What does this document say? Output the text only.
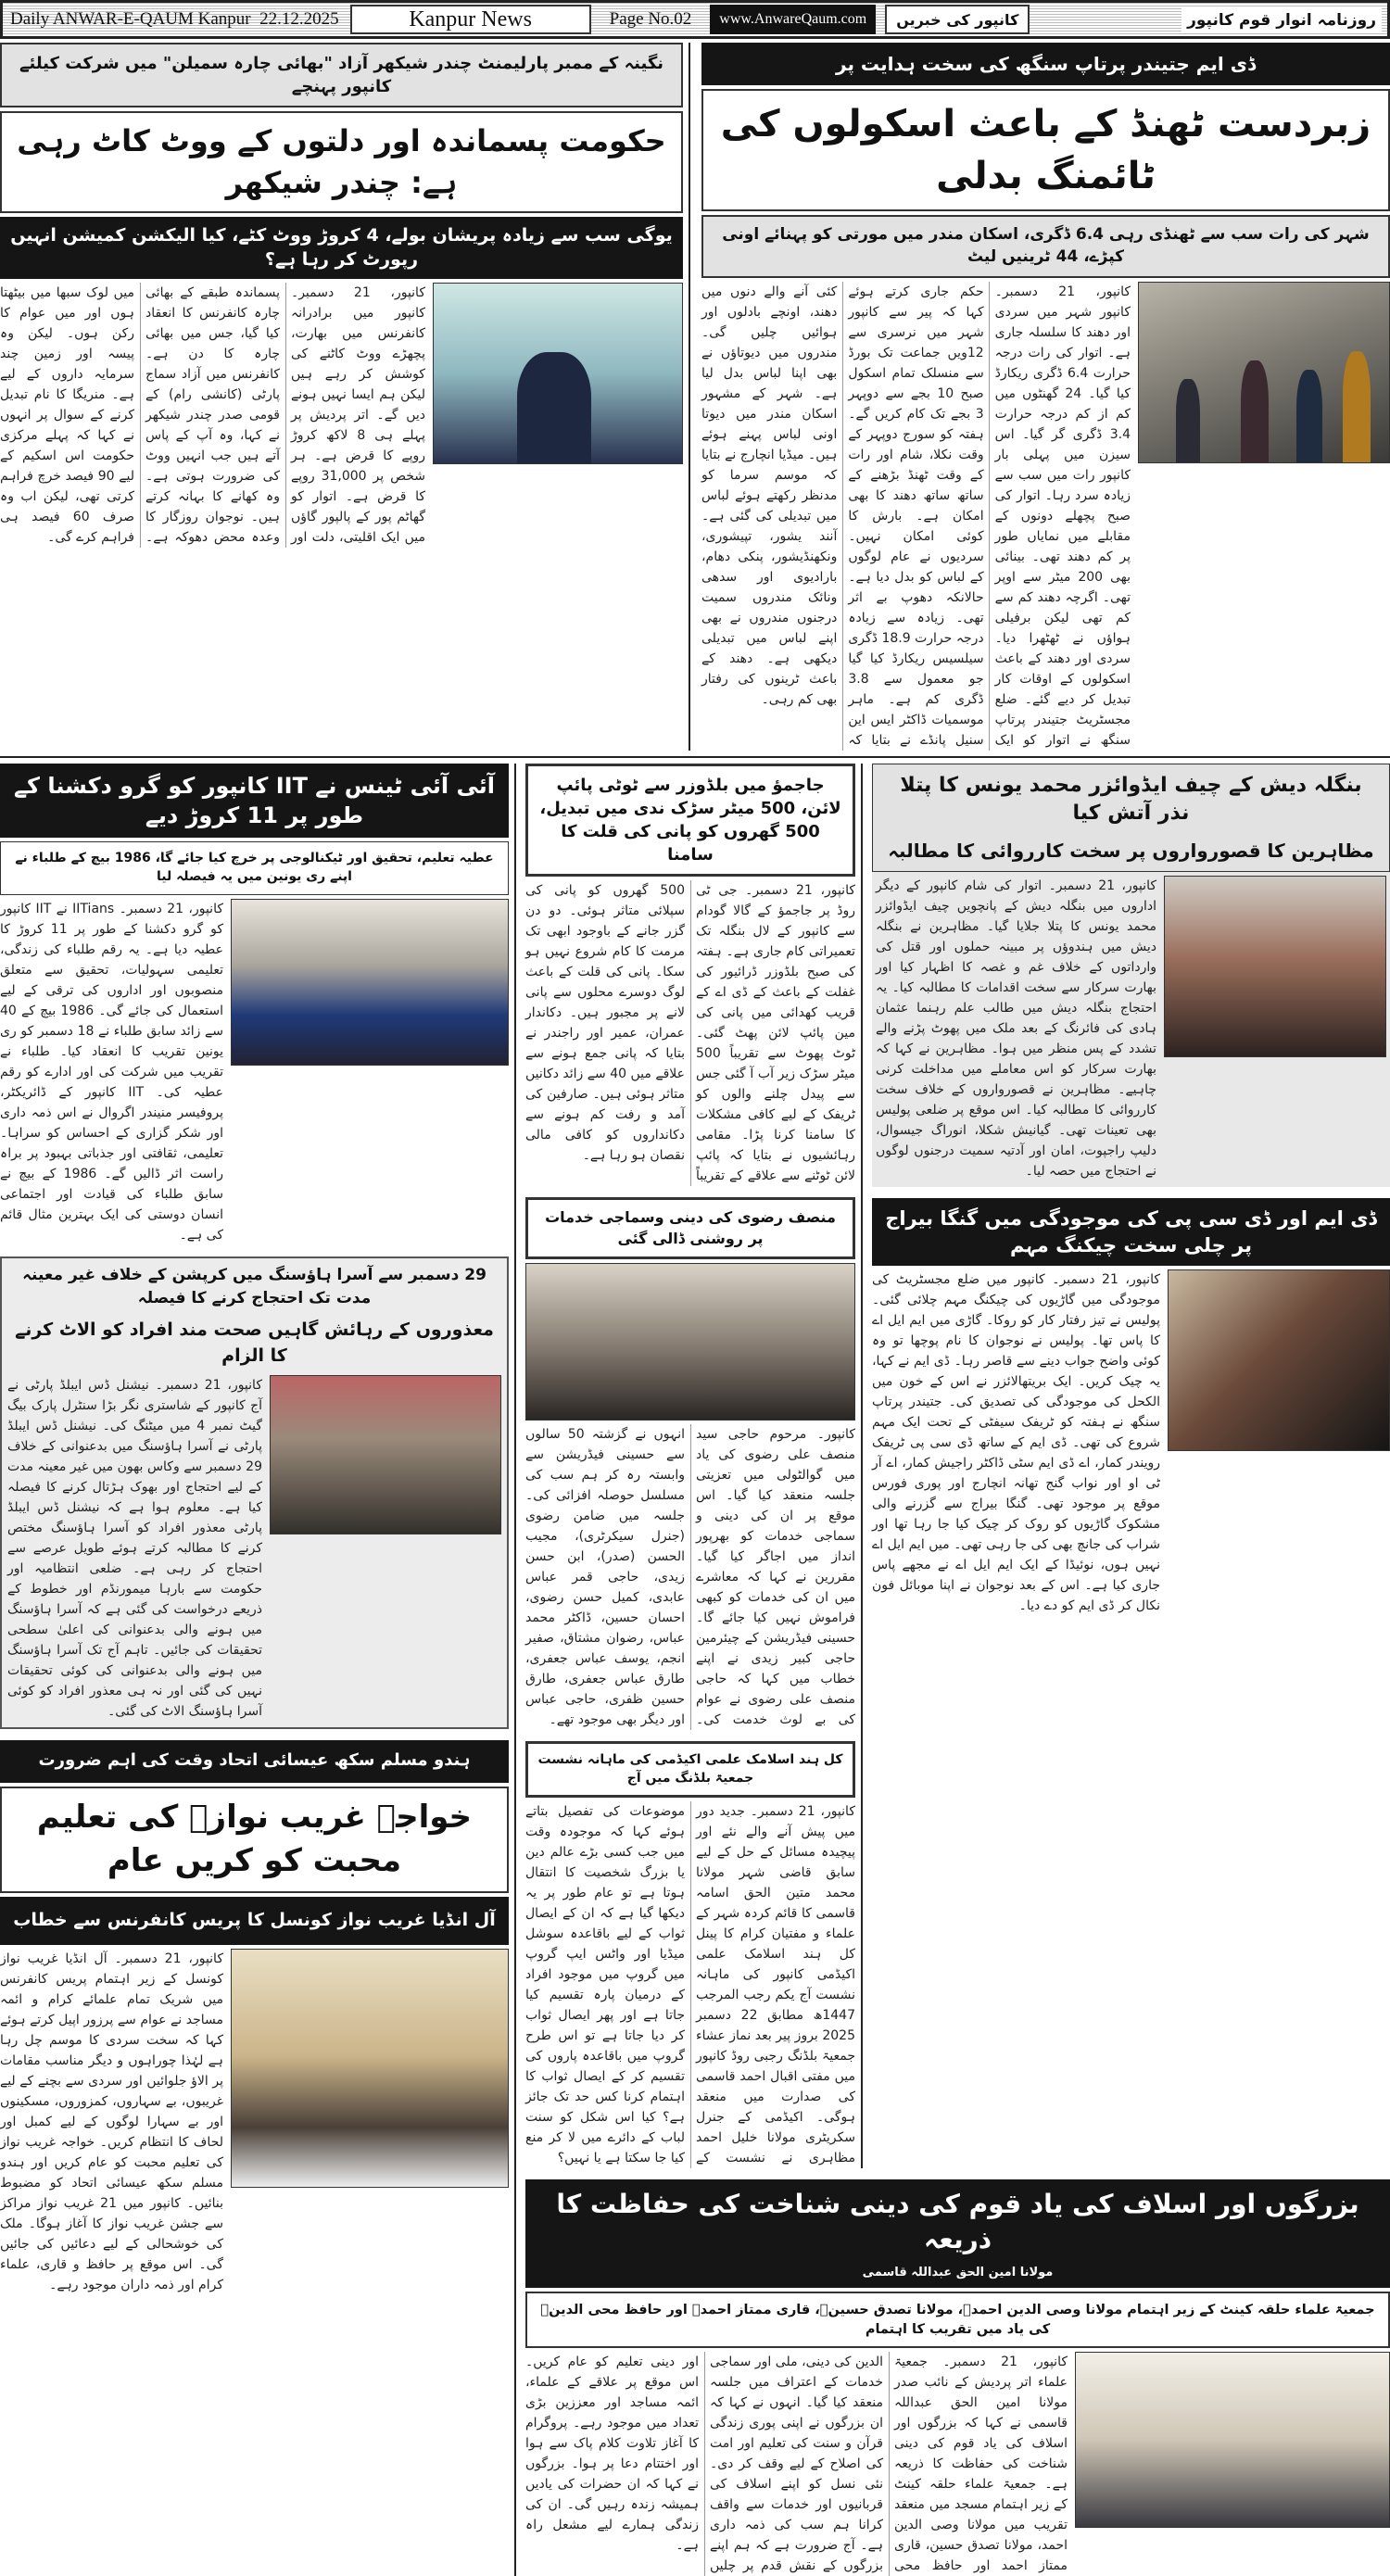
Daily ANWAR-E-QAUM Kanpur
22.12.2025	Kanpur News	Page No.02	www.AnwareQaum.com	کانپور کی خبریں	روزنامہ انوار قوم کانپور
نگینہ کے ممبر پارلیمنٹ چندر شیکھر آزاد "بھائی چارہ سمیلن" میں شرکت کیلئے کانپور پہنچے
حکومت پسماندہ اور دلتوں کے ووٹ کاٹ رہی ہے: چندر شیکھر
یوگی سب سے زیادہ پریشان بولے، 4 کروڑ ووٹ کٹے، کیا الیکشن کمیشن انہیں رپورٹ کر رہا ہے؟
کانپور، 21 دسمبر۔ کانپور میں برادرانہ کانفرنس میں بھارت، پچھڑے ووٹ کاٹنے کی کوشش کر رہے ہیں لیکن ہم ایسا نہیں ہونے دیں گے۔ اتر پردیش پر پہلے ہی 8 لاکھ کروڑ روپے کا قرض ہے۔ ہر شخص پر 31,000 روپے کا قرض ہے۔ اتوار کو گھاٹم پور کے پالپور گاؤں میں ایک اقلیتی، دلت اور پسماندہ طبقے کے بھائی چارہ کانفرنس کا انعقاد کیا گیا، جس میں بھائی چارہ کا دن ہے۔ کانفرنس میں آزاد سماج پارٹی (کانشی رام) کے قومی صدر چندر شیکھر نے کہا، وہ آپ کے پاس آتے ہیں جب انہیں ووٹ کی ضرورت ہوتی ہے۔ وہ کھانے کا بہانہ کرتے ہیں۔ نوجوان روزگار کا وعدہ محض دھوکہ ہے۔ میں لوک سبھا میں بیٹھتا ہوں اور میں عوام کا رکن ہوں۔ لیکن وہ پیسہ اور زمین چند سرمایہ داروں کے لیے ہے۔ منریگا کا نام تبدیل کرنے کے سوال پر انہوں نے کہا کہ پہلے مرکزی حکومت اس اسکیم کے لیے 90 فیصد خرچ فراہم کرتی تھی، لیکن اب وہ صرف 60 فیصد ہی فراہم کرے گی۔
ڈی ایم جتیندر پرتاپ سنگھ کی سخت ہدایت پر
زبردست ٹھنڈ کے باعث اسکولوں کی ٹائمنگ بدلی
شہر کی رات سب سے ٹھنڈی رہی 6.4 ڈگری، اسکان مندر میں مورتی کو پہنائے اونی کپڑے، 44 ٹرینیں لیٹ
کانپور، 21 دسمبر۔ کانپور شہر میں سردی اور دھند کا سلسلہ جاری ہے۔ اتوار کی رات درجہ حرارت 6.4 ڈگری ریکارڈ کیا گیا۔ 24 گھنٹوں میں کم از کم درجہ حرارت 3.4 ڈگری گر گیا۔ اس سیزن میں پہلی بار کانپور رات میں سب سے زیادہ سرد رہا۔ اتوار کی صبح پچھلے دونوں کے مقابلے میں نمایاں طور پر کم دھند تھی۔ بینائی بھی 200 میٹر سے اوپر تھی۔ اگرچہ دھند کم سے کم تھی لیکن برفیلی ہواؤں نے ٹھٹھرا دیا۔ سردی اور دھند کے باعث اسکولوں کے اوقات کار تبدیل کر دیے گئے۔ ضلع مجسٹریٹ جتیندر پرتاپ سنگھ نے اتوار کو ایک حکم جاری کرتے ہوئے کہا کہ پیر سے کانپور شہر میں نرسری سے 12ویں جماعت تک بورڈ سے منسلک تمام اسکول صبح 10 بجے سے دوپہر 3 بجے تک کام کریں گے۔ ہفتہ کو سورج دوپہر کے وقت نکلا، شام اور رات کے وقت ٹھنڈ بڑھنے کے ساتھ ساتھ دھند کا بھی امکان ہے۔ بارش کا کوئی امکان نہیں۔ سردیوں نے عام لوگوں کے لباس کو بدل دیا ہے۔ حالانکہ دھوپ بے اثر تھی۔ زیادہ سے زیادہ درجہ حرارت 18.9 ڈگری سیلسیس ریکارڈ کیا گیا جو معمول سے 3.8 ڈگری کم ہے۔ ماہر موسمیات ڈاکٹر ایس این سنیل پانڈے نے بتایا کہ کئی آنے والے دنوں میں دھند، اونچے بادلوں اور ہوائیں چلیں گی۔ مندروں میں دیوتاؤں نے بھی اپنا لباس بدل لیا ہے۔ شہر کے مشہور اسکان مندر میں دیوتا اونی لباس پہنے ہوئے ہیں۔ میڈیا انچارج نے بتایا کہ موسم سرما کو مدنظر رکھتے ہوئے لباس میں تبدیلی کی گئی ہے۔ آنند یشور، تپیشوری، ونکھنڈیشور، پنکی دھام، بارادیوی اور سدھی ونائک مندروں سمیت درجنوں مندروں نے بھی اپنے لباس میں تبدیلی دیکھی ہے۔ دھند کے باعث ٹرینوں کی رفتار بھی کم رہی۔
آئی آئی ٹینس نے IIT کانپور کو گرو دکشنا کے طور پر 11 کروڑ دیے
عطیہ تعلیم، تحقیق اور ٹیکنالوجی پر خرچ کیا جائے گا، 1986 بیچ کے طلباء نے اپنے ری یونین میں یہ فیصلہ لیا
کانپور، 21 دسمبر۔ IITians نے IIT کانپور کو گرو دکشنا کے طور پر 11 کروڑ کا عطیہ دیا ہے۔ یہ رقم طلباء کی زندگی، تعلیمی سہولیات، تحقیق سے متعلق منصوبوں اور اداروں کی ترقی کے لیے استعمال کی جائے گی۔ 1986 بیچ کے 40 سے زائد سابق طلباء نے 18 دسمبر کو ری یونین تقریب کا انعقاد کیا۔ طلباء نے تقریب میں شرکت کی اور ادارے کو رقم عطیہ کی۔ IIT کانپور کے ڈائریکٹر، پروفیسر منیندر اگروال نے اس ذمہ داری اور شکر گزاری کے احساس کو سراہا۔ تعلیمی، ثقافتی اور جذباتی بہبود پر براہ راست اثر ڈالیں گے۔ 1986 کے بیچ نے سابق طلباء کی قیادت اور اجتماعی انسان دوستی کی ایک بہترین مثال قائم کی ہے۔
29 دسمبر سے آسرا ہاؤسنگ میں کرپشن کے خلاف غیر معینہ مدت تک احتجاج کرنے کا فیصلہ
معذوروں کے رہائش گاہیں صحت مند افراد کو الاٹ کرنے کا الزام
کانپور، 21 دسمبر۔ نیشنل ڈس ایبلڈ پارٹی نے آج کانپور کے شاستری نگر بڑا سنٹرل پارک بیگ گیٹ نمبر 4 میں میٹنگ کی۔ نیشنل ڈس ایبلڈ پارٹی نے آسرا ہاؤسنگ میں بدعنوانی کے خلاف 29 دسمبر سے وکاس بھون میں غیر معینہ مدت کے لیے احتجاج اور بھوک ہڑتال کرنے کا فیصلہ کیا ہے۔ معلوم ہوا ہے کہ نیشنل ڈس ایبلڈ پارٹی معذور افراد کو آسرا ہاؤسنگ مختص کرنے کا مطالبہ کرتے ہوئے طویل عرصے سے احتجاج کر رہی ہے۔ ضلعی انتظامیہ اور حکومت سے بارہا میمورنڈم اور خطوط کے ذریعے درخواست کی گئی ہے کہ آسرا ہاؤسنگ میں ہونے والی بدعنوانی کی اعلیٰ سطحی تحقیقات کی جائیں۔ تاہم آج تک آسرا ہاؤسنگ میں ہونے والی بدعنوانی کی کوئی تحقیقات نہیں کی گئی اور نہ ہی معذور افراد کو کوئی آسرا ہاؤسنگ الاٹ کی گئی۔
ہندو مسلم سکھ عیسائی اتحاد وقت کی اہم ضرورت
خواجہ غریب نوازؒ کی تعلیم محبت کو کریں عام
آل انڈیا غریب نواز کونسل کا پریس کانفرنس سے خطاب
کانپور، 21 دسمبر۔ آل انڈیا غریب نواز کونسل کے زیر اہتمام پریس کانفرنس میں شریک تمام علمائے کرام و ائمہ مساجد نے عوام سے پرزور اپیل کرتے ہوئے کہا کہ سخت سردی کا موسم چل رہا ہے لہٰذا چوراہوں و دیگر مناسب مقامات پر الاؤ جلوائیں اور سردی سے بچنے کے لیے غریبوں، بے سہاروں، کمزوروں، مسکینوں اور بے سہارا لوگوں کے لیے کمبل اور لحاف کا انتظام کریں۔ خواجہ غریب نواز کی تعلیم محبت کو عام کریں اور ہندو مسلم سکھ عیسائی اتحاد کو مضبوط بنائیں۔ کانپور میں 21 غریب نواز مراکز سے جشن غریب نواز کا آغاز ہوگا۔ ملک کی خوشحالی کے لیے دعائیں کی جائیں گی۔ اس موقع پر حافظ و قاری، علماء کرام اور ذمہ داران موجود رہے۔
جاجمؤ میں بلڈوزر سے ٹوٹی پائپ لائن، 500 میٹر سڑک ندی میں تبدیل، 500 گھروں کو پانی کی قلت کا سامنا
کانپور، 21 دسمبر۔ جی ٹی روڈ پر جاجمؤ کے گالا گودام سے کانپور کے لال بنگلہ تک تعمیراتی کام جاری ہے۔ ہفتہ کی صبح بلڈوزر ڈرائیور کی غفلت کے باعث کے ڈی اے کے قریب کھدائی میں پانی کی مین پائپ لائن پھٹ گئی۔ ٹوٹ پھوٹ سے تقریباً 500 میٹر سڑک زیر آب آ گئی جس سے پیدل چلنے والوں کو ٹریفک کے لیے کافی مشکلات کا سامنا کرنا پڑا۔ مقامی رہائشیوں نے بتایا کہ پائپ لائن ٹوٹنے سے علاقے کے تقریباً 500 گھروں کو پانی کی سپلائی متاثر ہوئی۔ دو دن گزر جانے کے باوجود ابھی تک مرمت کا کام شروع نہیں ہو سکا۔ پانی کی قلت کے باعث لوگ دوسرے محلوں سے پانی لانے پر مجبور ہیں۔ دکاندار عمران، عمیر اور راجندر نے بتایا کہ پانی جمع ہونے سے علاقے میں 40 سے زائد دکانیں متاثر ہوئی ہیں۔ صارفین کی آمد و رفت کم ہونے سے دکانداروں کو کافی مالی نقصان ہو رہا ہے۔
منصف رضوی کی دینی وسماجی خدمات پر روشنی ڈالی گئی
کانپور۔ مرحوم حاجی سید منصف علی رضوی کی یاد میں گوالٹولی میں تعزیتی جلسہ منعقد کیا گیا۔ اس موقع پر ان کی دینی و سماجی خدمات کو بھرپور انداز میں اجاگر کیا گیا۔ مقررین نے کہا کہ معاشرے میں ان کی خدمات کو کبھی فراموش نہیں کیا جائے گا۔ حسینی فیڈریشن کے چیئرمین حاجی کبیر زیدی نے اپنے خطاب میں کہا کہ حاجی منصف علی رضوی نے عوام کی بے لوث خدمت کی۔ انہوں نے گزشتہ 50 سالوں سے حسینی فیڈریشن سے وابستہ رہ کر ہم سب کی مسلسل حوصلہ افزائی کی۔ جلسہ میں ضامن رضوی (جنرل سیکرٹری)، مجیب الحسن (صدر)، ابن حسن زیدی، حاجی قمر عباس عابدی، کمیل حسن رضوی، احسان حسین، ڈاکٹر محمد عباس، رضوان مشتاق، صفیر انجم، یوسف عباس جعفری، طارق عباس جعفری، طارق حسین ظفری، حاجی عباس اور دیگر بھی موجود تھے۔
کل ہند اسلامک علمی اکیڈمی کی ماہانہ نشست جمعیۃ بلڈنگ میں آج
کانپور، 21 دسمبر۔ جدید دور میں پیش آنے والے نئے اور پیچیدہ مسائل کے حل کے لیے سابق قاضی شہر مولانا محمد متین الحق اسامہ قاسمی کا قائم کردہ شہر کے علماء و مفتیان کرام کا پینل کل ہند اسلامک علمی اکیڈمی کانپور کی ماہانہ نشست آج یکم رجب المرجب 1447ھ مطابق 22 دسمبر 2025 بروز پیر بعد نماز عشاء جمعیۃ بلڈنگ رجبی روڈ کانپور میں مفتی اقبال احمد قاسمی کی صدارت میں منعقد ہوگی۔ اکیڈمی کے جنرل سکریٹری مولانا خلیل احمد مظاہری نے نشست کے موضوعات کی تفصیل بتاتے ہوئے کہا کہ موجودہ وقت میں جب کسی بڑے عالم دین یا بزرگ شخصیت کا انتقال ہوتا ہے تو عام طور پر یہ دیکھا گیا ہے کہ ان کے ایصال ثواب کے لیے باقاعدہ سوشل میڈیا اور واٹس ایپ گروپ میں گروپ میں موجود افراد کے درمیان پارہ تقسیم کیا جاتا ہے اور پھر ایصال ثواب کر دیا جاتا ہے تو اس طرح گروپ میں باقاعدہ پاروں کی تقسیم کر کے ایصال ثواب کا اہتمام کرنا کس حد تک جائز ہے؟ کیا اس شکل کو سنت لباب کے دائرے میں لا کر منع کیا جا سکتا ہے یا نہیں؟
بنگلہ دیش کے چیف ایڈوائزر محمد یونس کا پتلا نذر آتش کیا
مظاہرین کا قصورواروں پر سخت کارروائی کا مطالبہ
کانپور، 21 دسمبر۔ اتوار کی شام کانپور کے دیگر اداروں میں بنگلہ دیش کے پانچویں چیف ایڈوائزر محمد یونس کا پتلا جلایا گیا۔ مظاہرین نے بنگلہ دیش میں ہندوؤں پر مبینہ حملوں اور قتل کی وارداتوں کے خلاف غم و غصہ کا اظہار کیا اور بھارت سرکار سے سخت اقدامات کا مطالبہ کیا۔ یہ احتجاج بنگلہ دیش میں طالب علم رہنما عثمان ہادی کی فائرنگ کے بعد ملک میں پھوٹ پڑنے والے تشدد کے پس منظر میں ہوا۔ مظاہرین نے کہا کہ بھارت سرکار کو اس معاملے میں مداخلت کرنی چاہیے۔ مظاہرین نے قصورواروں کے خلاف سخت کارروائی کا مطالبہ کیا۔ اس موقع پر ضلعی پولیس بھی تعینات تھی۔ گیانیش شکلا، انوراگ جیسوال، دلیپ راجپوت، امان اور آدتیہ سمیت درجنوں لوگوں نے احتجاج میں حصہ لیا۔
ڈی ایم اور ڈی سی پی کی موجودگی میں گنگا بیراج پر چلی سخت چیکنگ مہم
کانپور، 21 دسمبر۔ کانپور میں ضلع مجسٹریٹ کی موجودگی میں گاڑیوں کی چیکنگ مہم چلائی گئی۔ پولیس نے تیز رفتار کار کو روکا۔ گاڑی میں ایم ایل اے کا پاس تھا۔ پولیس نے نوجوان کا نام پوچھا تو وہ کوئی واضح جواب دینے سے قاصر رہا۔ ڈی ایم نے کہا، یہ چیک کریں۔ ایک بریتھالائزر نے اس کے خون میں الکحل کی موجودگی کی تصدیق کی۔ جتیندر پرتاپ سنگھ نے ہفتہ کو ٹریفک سیفٹی کے تحت ایک مہم شروع کی تھی۔ ڈی ایم کے ساتھ ڈی سی پی ٹریفک رویندر کمار، اے ڈی ایم سٹی ڈاکٹر راجیش کمار، اے آر ٹی او اور نواب گنج تھانہ انچارج اور پوری فورس موقع پر موجود تھی۔ گنگا بیراج سے گزرنے والی مشکوک گاڑیوں کو روک کر چیک کیا جا رہا تھا اور شراب کی جانچ بھی کی جا رہی تھی۔ میں ایم ایل اے نہیں ہوں، نوئیڈا کے ایک ایم ایل اے نے مجھے پاس جاری کیا ہے۔ اس کے بعد نوجوان نے اپنا موبائل فون نکال کر ڈی ایم کو دے دیا۔
بزرگوں اور اسلاف کی یاد قوم کی دینی شناخت کی حفاظت کا ذریعہ
مولانا امین الحق عبداللہ قاسمی
جمعیۃ علماء حلقہ کینٹ کے زیر اہتمام مولانا وصی الدین احمدؒ، مولانا تصدق حسینؒ، قاری ممتاز احمدؒ اور حافظ محی الدینؒ کی یاد میں تقریب کا اہتمام
کانپور، 21 دسمبر۔ جمعیۃ علماء اتر پردیش کے نائب صدر مولانا امین الحق عبداللہ قاسمی نے کہا کہ بزرگوں اور اسلاف کی یاد قوم کی دینی شناخت کی حفاظت کا ذریعہ ہے۔ جمعیۃ علماء حلقہ کینٹ کے زیر اہتمام مسجد میں منعقد تقریب میں مولانا وصی الدین احمد، مولانا تصدق حسین، قاری ممتاز احمد اور حافظ محی الدین کی دینی، ملی اور سماجی خدمات کے اعتراف میں جلسہ منعقد کیا گیا۔ انہوں نے کہا کہ ان بزرگوں نے اپنی پوری زندگی قرآن و سنت کی تعلیم اور امت کی اصلاح کے لیے وقف کر دی۔ نئی نسل کو اپنے اسلاف کی قربانیوں اور خدمات سے واقف کرانا ہم سب کی ذمہ داری ہے۔ آج ضرورت ہے کہ ہم اپنے بزرگوں کے نقش قدم پر چلیں اور دینی تعلیم کو عام کریں۔ اس موقع پر علاقے کے علماء، ائمہ مساجد اور معززین بڑی تعداد میں موجود رہے۔ پروگرام کا آغاز تلاوت کلام پاک سے ہوا اور اختتام دعا پر ہوا۔ بزرگوں نے کہا کہ ان حضرات کی یادیں ہمیشہ زندہ رہیں گی۔ ان کی زندگی ہمارے لیے مشعل راہ ہے۔
